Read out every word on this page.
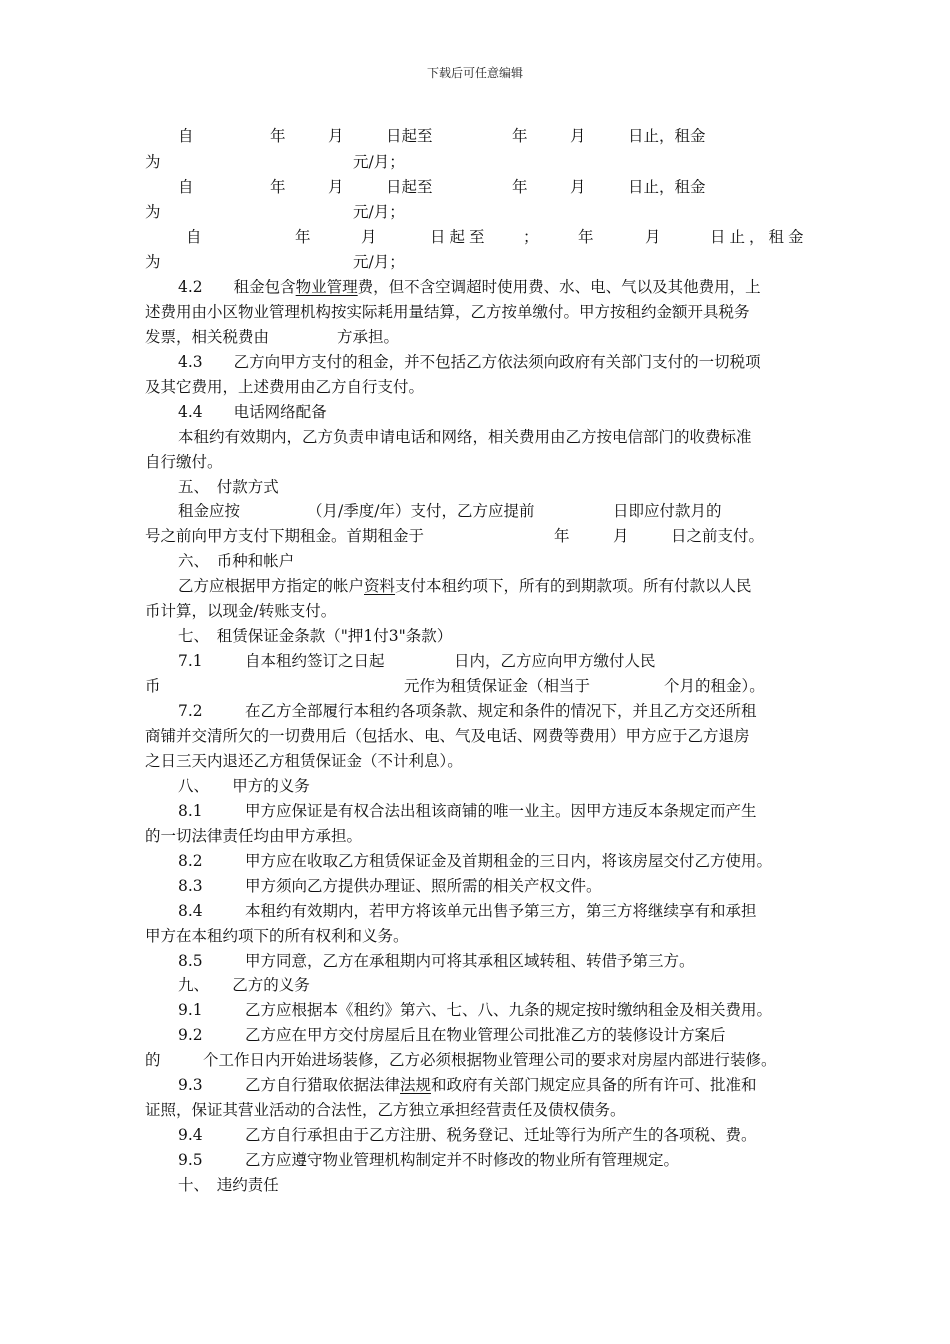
下载后可任意编辑
自	年	月	日起至	年	月	日止，租金
为	元/月；
自	年	月	日起至	年	月	日止，租金
为	元/月；
自	年	月	日起至 ；	年	月	日止，租金
为	元/月；
4.2　　租金包含物业管理费，但不含空调超时使用费、水、电、气以及其他费用，上
述费用由小区物业管理机构按实际耗用量结算，乙方按单缴付。甲方按租约金额开具税务
发票，相关税费由	方承担。
4.3　　乙方向甲方支付的租金，并不包括乙方依法须向政府有关部门支付的一切税项
及其它费用，上述费用由乙方自行支付。
4.4　　电话网络配备
本租约有效期内，乙方负责申请电话和网络，相关费用由乙方按电信部门的收费标准
自行缴付。
五、　付款方式
租金应按	（月/季度/年）支付，乙方应提前	日即应付款月的
号之前向甲方支付下期租金。首期租金于	年	月	日之前支付。
六、　币种和帐户
乙方应根据甲方指定的帐户资料支付本租约项下，所有的到期款项。所有付款以人民
币计算，以现金/转账支付。
七、　租赁保证金条款（"押1付3"条款）
7.1	自本租约签订之日起	日内，乙方应向甲方缴付人民
币	元作为租赁保证金（相当于	个月的租金）。
7.2	在乙方全部履行本租约各项条款、规定和条件的情况下，并且乙方交还所租
商铺并交清所欠的一切费用后（包括水、电、气及电话、网费等费用）甲方应于乙方退房
之日三天内退还乙方租赁保证金（不计利息）。
八、　　甲方的义务
8.1	甲方应保证是有权合法出租该商铺的唯一业主。因甲方违反本条规定而产生
的一切法律责任均由甲方承担。
8.2	甲方应在收取乙方租赁保证金及首期租金的三日内，将该房屋交付乙方使用。
8.3	甲方须向乙方提供办理证、照所需的相关产权文件。
8.4	本租约有效期内，若甲方将该单元出售予第三方，第三方将继续享有和承担
甲方在本租约项下的所有权利和义务。
8.5	甲方同意，乙方在承租期内可将其承租区域转租、转借予第三方。
九、　　乙方的义务
9.1	乙方应根据本《租约》第六、七、八、九条的规定按时缴纳租金及相关费用。
9.2	乙方应在甲方交付房屋后且在物业管理公司批准乙方的装修设计方案后
的	个工作日内开始进场装修，乙方必须根据物业管理公司的要求对房屋内部进行装修。
9.3	乙方自行猎取依据法律法规和政府有关部门规定应具备的所有许可、批准和
证照，保证其营业活动的合法性，乙方独立承担经营责任及债权债务。
9.4	乙方自行承担由于乙方注册、税务登记、迁址等行为所产生的各项税、费。
9.5	乙方应遵守物业管理机构制定并不时修改的物业所有管理规定。
十、　违约责任
